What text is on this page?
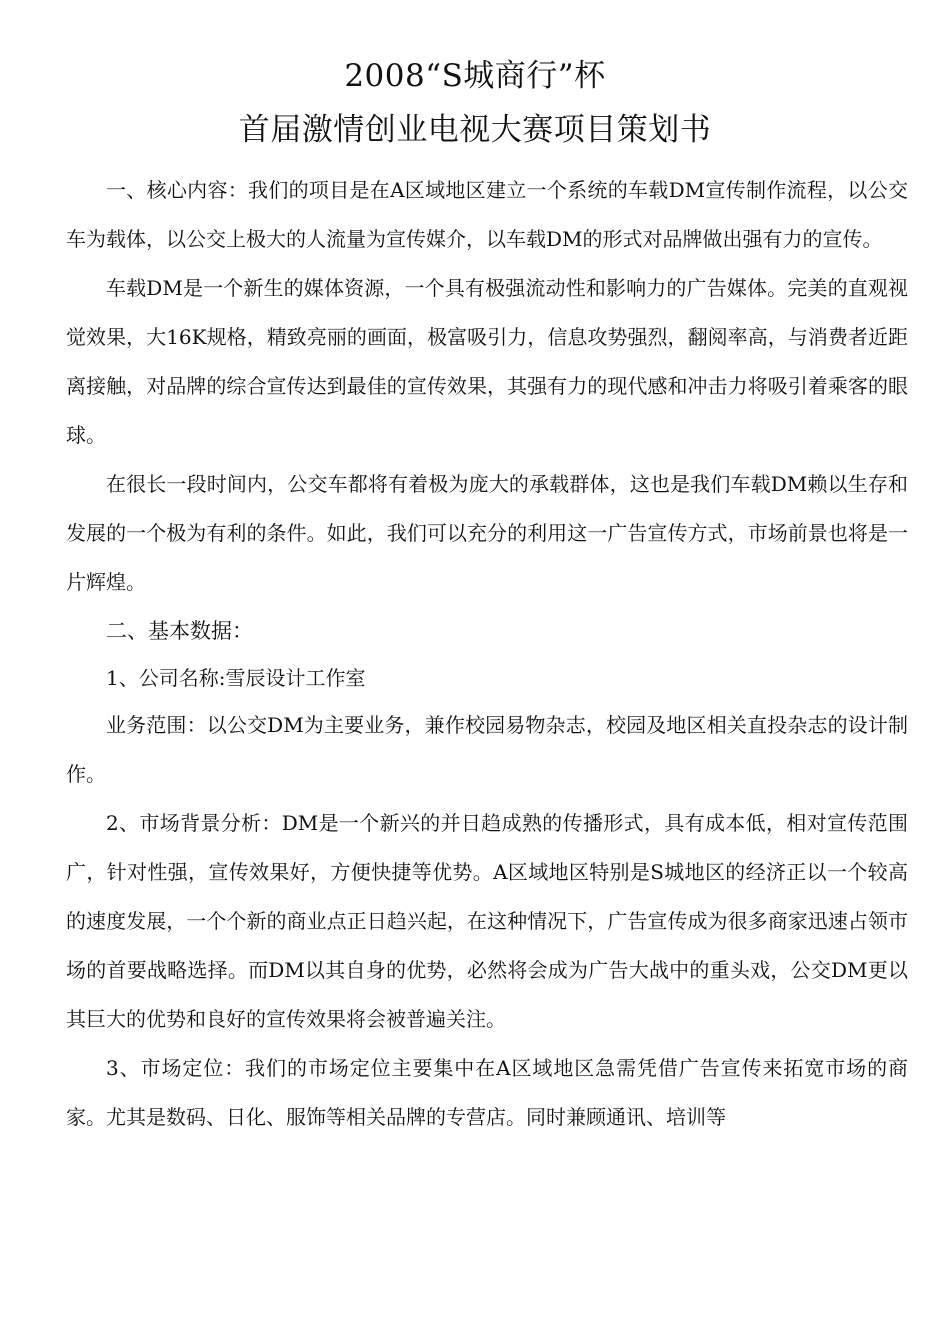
2008“S城商行”杯
首届激情创业电视大赛项目策划书

一、核心内容：我们的项目是在A区域地区建立一个系统的车载DM宣传制作流程，以公交车为载体，以公交上极大的人流量为宣传媒介，以车载DM的形式对品牌做出强有力的宣传。

车载DM是一个新生的媒体资源，一个具有极强流动性和影响力的广告媒体。完美的直观视觉效果，大16K规格，精致亮丽的画面，极富吸引力，信息攻势强烈，翻阅率高，与消费者近距离接触，对品牌的综合宣传达到最佳的宣传效果，其强有力的现代感和冲击力将吸引着乘客的眼球。

在很长一段时间内，公交车都将有着极为庞大的承载群体，这也是我们车载DM赖以生存和发展的一个极为有利的条件。如此，我们可以充分的利用这一广告宣传方式，市场前景也将是一片辉煌。

二、基本数据：

1、公司名称:雪辰设计工作室

业务范围：以公交DM为主要业务，兼作校园易物杂志，校园及地区相关直投杂志的设计制作。

2、市场背景分析：DM是一个新兴的并日趋成熟的传播形式，具有成本低，相对宣传范围广，针对性强，宣传效果好，方便快捷等优势。A区域地区特别是S城地区的经济正以一个较高的速度发展，一个个新的商业点正日趋兴起，在这种情况下，广告宣传成为很多商家迅速占领市场的首要战略选择。而DM以其自身的优势，必然将会成为广告大战中的重头戏，公交DM更以其巨大的优势和良好的宣传效果将会被普遍关注。

3、市场定位：我们的市场定位主要集中在A区域地区急需凭借广告宣传来拓宽市场的商家。尤其是数码、日化、服饰等相关品牌的专营店。同时兼顾通讯、培训等
